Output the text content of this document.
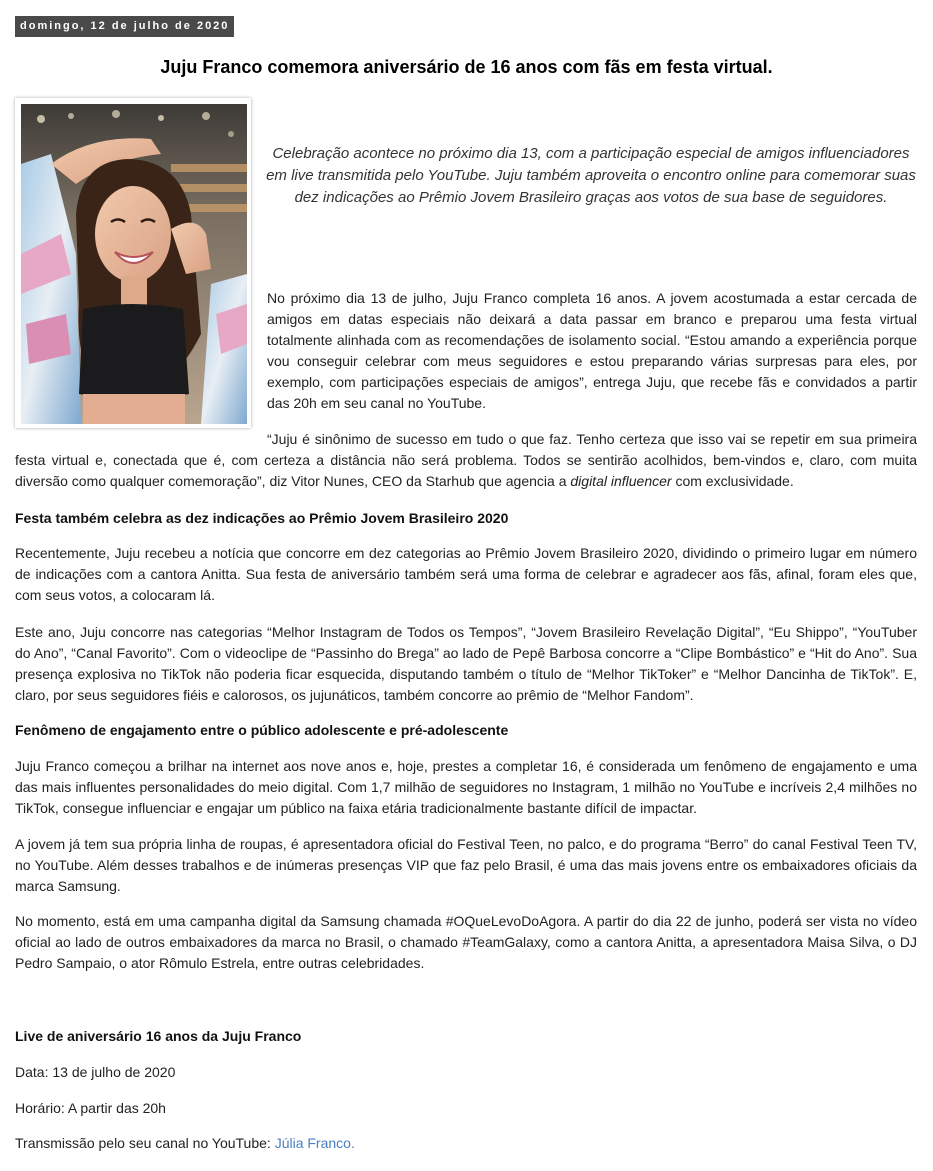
domingo, 12 de julho de 2020
Juju Franco comemora aniversário de 16 anos com fãs em festa virtual.

Celebração acontece no próximo dia 13, com a participação especial de amigos influenciadores em live transmitida pelo YouTube. Juju também aproveita o encontro online para comemorar suas dez indicações ao Prêmio Jovem Brasileiro graças aos votos de sua base de seguidores.

No próximo dia 13 de julho, Juju Franco completa 16 anos. A jovem acostumada a estar cercada de amigos em datas especiais não deixará a data passar em branco e preparou uma festa virtual totalmente alinhada com as recomendações de isolamento social. “Estou amando a experiência porque vou conseguir celebrar com meus seguidores e estou preparando várias surpresas para eles, por exemplo, com participações especiais de amigos”, entrega Juju, que recebe fãs e convidados a partir das 20h em seu canal no YouTube.

“Juju é sinônimo de sucesso em tudo o que faz. Tenho certeza que isso vai se repetir em sua primeira festa virtual e, conectada que é, com certeza a distância não será problema. Todos se sentirão acolhidos, bem-vindos e, claro, com muita diversão como qualquer comemoração”, diz Vitor Nunes, CEO da Starhub que agencia a digital influencer com exclusividade.

Festa também celebra as dez indicações ao Prêmio Jovem Brasileiro 2020

Recentemente, Juju recebeu a notícia que concorre em dez categorias ao Prêmio Jovem Brasileiro 2020, dividindo o primeiro lugar em número de indicações com a cantora Anitta. Sua festa de aniversário também será uma forma de celebrar e agradecer aos fãs, afinal, foram eles que, com seus votos, a colocaram lá.

Este ano, Juju concorre nas categorias “Melhor Instagram de Todos os Tempos”, “Jovem Brasileiro Revelação Digital”, “Eu Shippo”, “YouTuber do Ano”, “Canal Favorito”. Com o videoclipe de “Passinho do Brega” ao lado de Pepê Barbosa concorre a “Clipe Bombástico” e “Hit do Ano”. Sua presença explosiva no TikTok não poderia ficar esquecida, disputando também o título de “Melhor TikToker” e “Melhor Dancinha de TikTok”. E, claro, por seus seguidores fiéis e calorosos, os jujunáticos, também concorre ao prêmio de “Melhor Fandom”.

Fenômeno de engajamento entre o público adolescente e pré-adolescente

Juju Franco começou a brilhar na internet aos nove anos e, hoje, prestes a completar 16, é considerada um fenômeno de engajamento e uma das mais influentes personalidades do meio digital. Com 1,7 milhão de seguidores no Instagram, 1 milhão no YouTube e incríveis 2,4 milhões no TikTok, consegue influenciar e engajar um público na faixa etária tradicionalmente bastante difícil de impactar.

A jovem já tem sua própria linha de roupas, é apresentadora oficial do Festival Teen, no palco, e do programa “Berro” do canal Festival Teen TV, no YouTube. Além desses trabalhos e de inúmeras presenças VIP que faz pelo Brasil, é uma das mais jovens entre os embaixadores oficiais da marca Samsung.

No momento, está em uma campanha digital da Samsung chamada #OQueLevoDoAgora. A partir do dia 22 de junho, poderá ser vista no vídeo oficial ao lado de outros embaixadores da marca no Brasil, o chamado #TeamGalaxy, como a cantora Anitta, a apresentadora Maisa Silva, o DJ Pedro Sampaio, o ator Rômulo Estrela, entre outras celebridades.

Live de aniversário 16 anos da Juju Franco

Data: 13 de julho de 2020

Horário: A partir das 20h

Transmissão pelo seu canal no YouTube: Júlia Franco.
